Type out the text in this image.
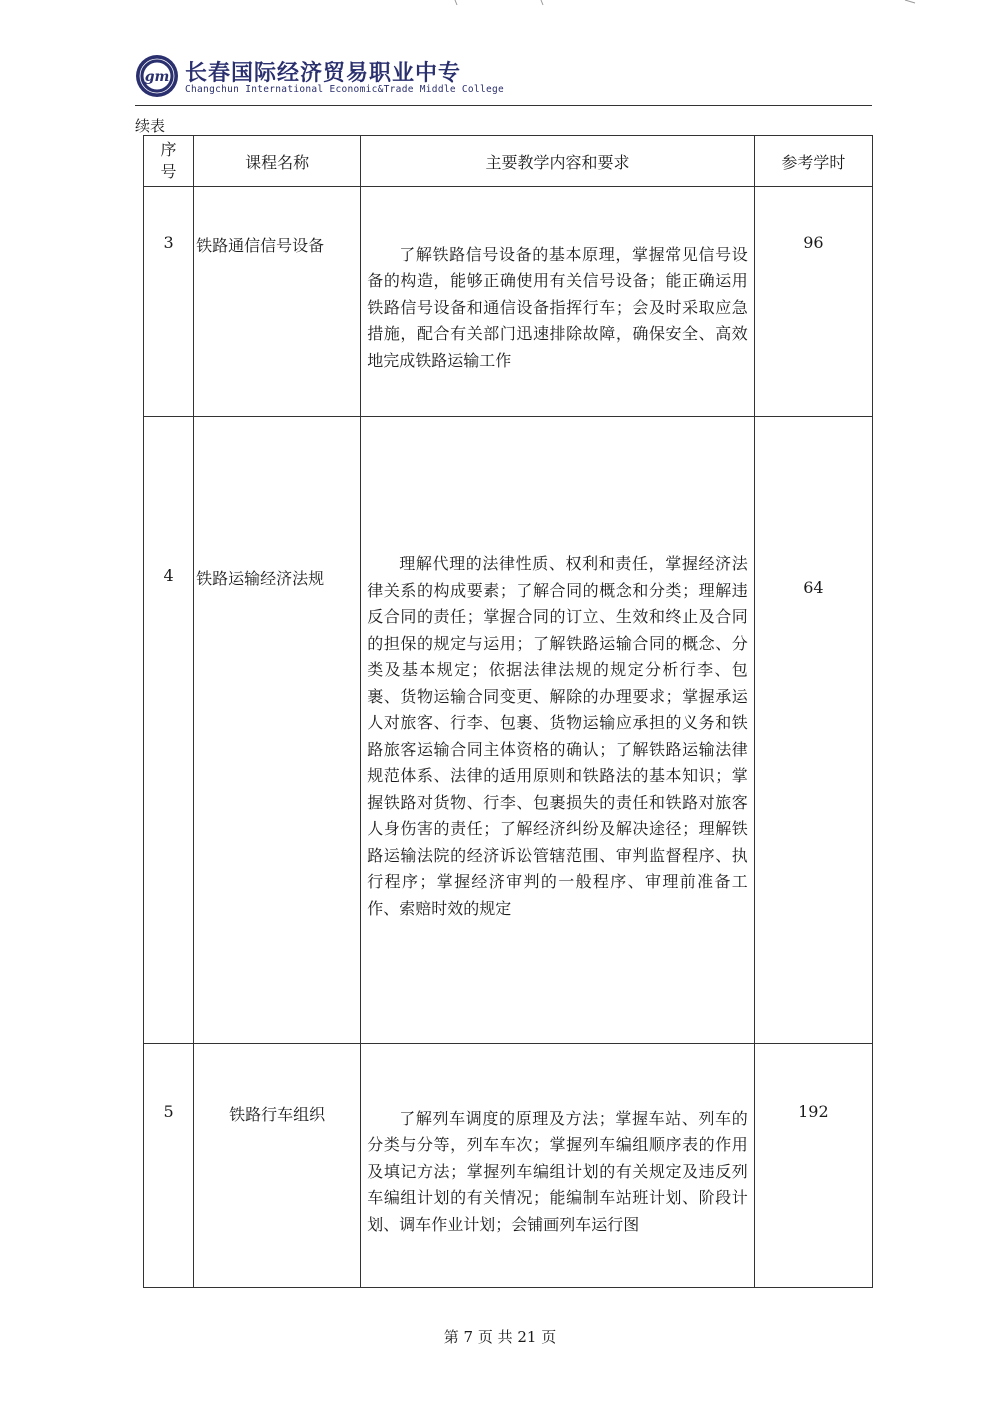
gm 长春国际经济贸易职业中专
Changchun International Economic&Trade Middle College
续表
序
号	课程名称	主要教学内容和要求	参考学时
3	铁路通信信号设备	了解铁路信号设备的基本原理，掌握常见信号设备的构造，能够正确使用有关信号设备；能正确运用铁路信号设备和通信设备指挥行车；会及时采取应急措施，配合有关部门迅速排除故障，确保安全、高效地完成铁路运输工作	96
4	铁路运输经济法规	理解代理的法律性质、权利和责任，掌握经济法律关系的构成要素；了解合同的概念和分类；理解违反合同的责任；掌握合同的订立、生效和终止及合同的担保的规定与运用；了解铁路运输合同的概念、分类及基本规定；依据法律法规的规定分析行李、包裹、货物运输合同变更、解除的办理要求；掌握承运人对旅客、行李、包裹、货物运输应承担的义务和铁路旅客运输合同主体资格的确认；了解铁路运输法律规范体系、法律的适用原则和铁路法的基本知识；掌握铁路对货物、行李、包裹损失的责任和铁路对旅客人身伤害的责任；了解经济纠纷及解决途径；理解铁路运输法院的经济诉讼管辖范围、审判监督程序、执行程序；掌握经济审判的一般程序、审理前准备工作、索赔时效的规定	64
5	铁路行车组织	了解列车调度的原理及方法；掌握车站、列车的分类与分等，列车车次；掌握列车编组顺序表的作用及填记方法；掌握列车编组计划的有关规定及违反列车编组计划的有关情况；能编制车站班计划、阶段计划、调车作业计划；会铺画列车运行图	192
第 7 页 共 21 页
